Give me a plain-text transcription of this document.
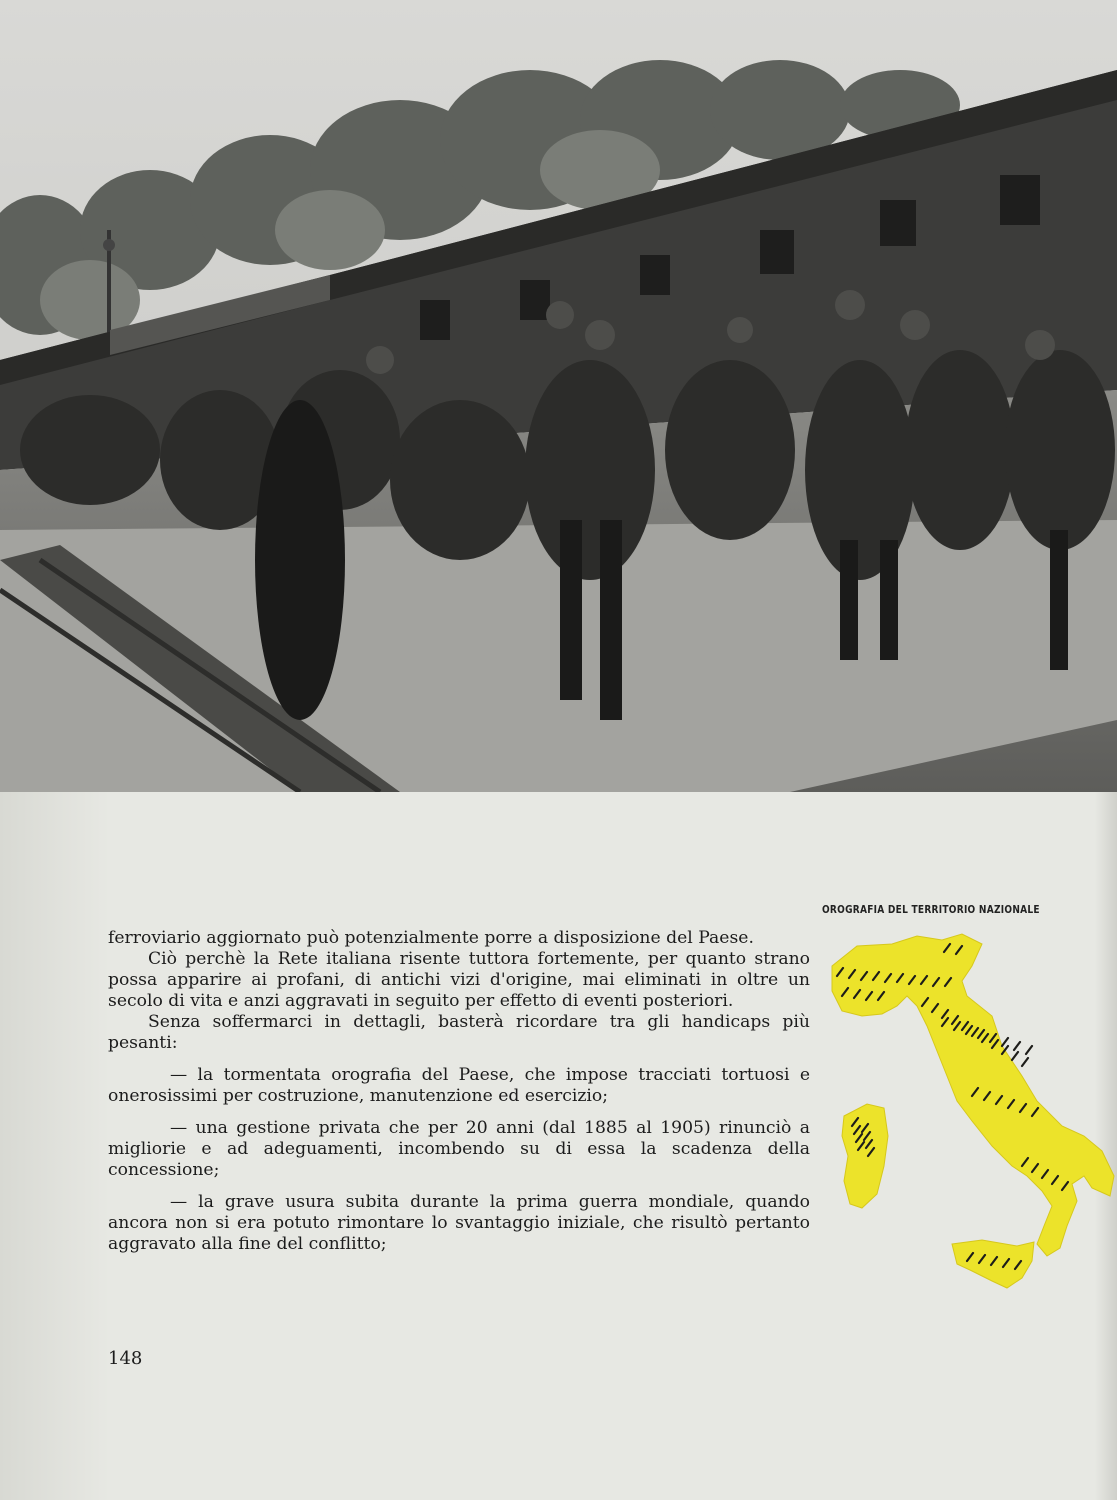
OROGRAFIA DEL TERRITORIO NAZIONALE

ferroviario aggiornato può potenzialmente porre a disposizione del Paese.

Ciò perchè la Rete italiana risente tuttora fortemente, per quanto strano possa apparire ai profani, di antichi vizi d'origine, mai eliminati in oltre un secolo di vita e anzi aggravati in seguito per effetto di eventi posteriori.

Senza soffermarci in dettagli, basterà ricordare tra gli handicaps più pesanti:

— la tormentata orografia del Paese, che impose tracciati tortuosi e onerosissimi per costruzione, manutenzione ed esercizio;

— una gestione privata che per 20 anni (dal 1885 al 1905) rinunciò a migliorie e ad adeguamenti, incombendo su di essa la scadenza della concessione;

— la grave usura subita durante la prima guerra mondiale, quando ancora non si era potuto rimontare lo svantaggio iniziale, che risultò pertanto aggravato alla fine del conflitto;

148
